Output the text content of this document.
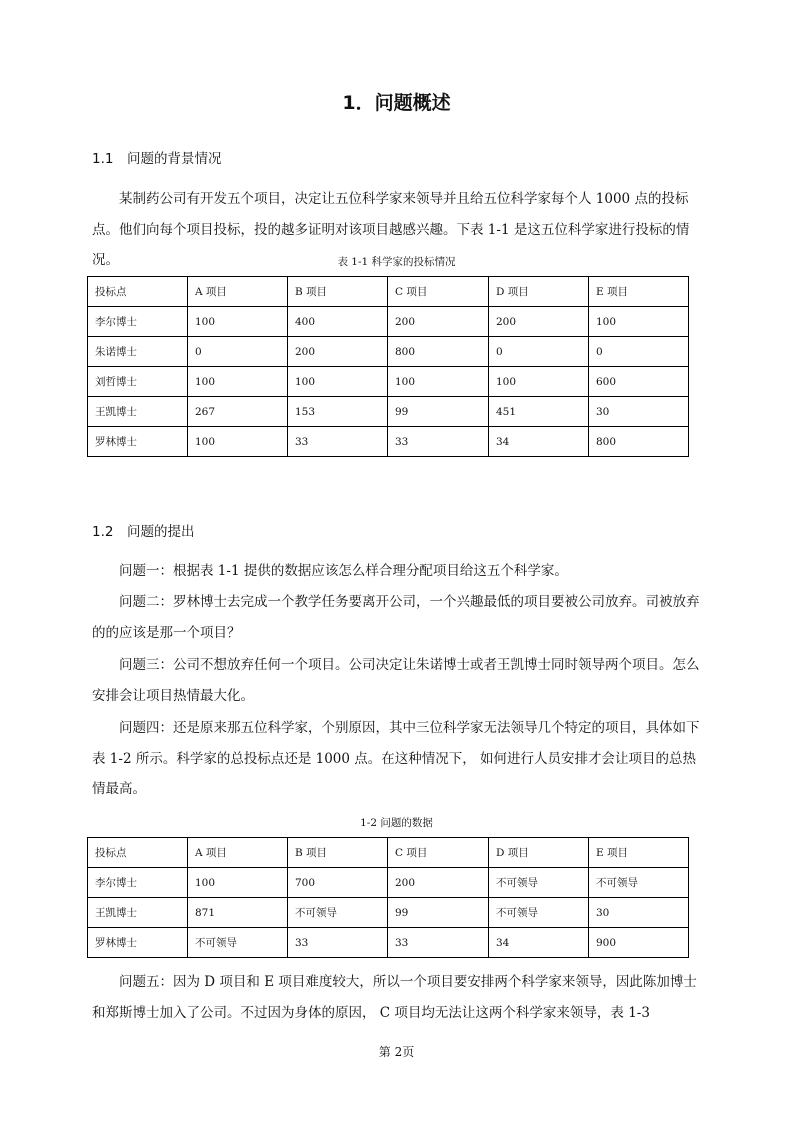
1．问题概述
1.1　问题的背景情况
某制药公司有开发五个项目，决定让五位科学家来领导并且给五位科学家每个人 1000 点的投标点。他们向每个项目投标，投的越多证明对该项目越感兴趣。下表 1-1 是这五位科学家进行投标的情况。	表 1-1 科学家的投标情况
投标点	A 项目	B 项目	C 项目	D 项目	E 项目
李尔博士	100	400	200	200	100
朱诺博士	0	200	800	0	0
刘哲博士	100	100	100	100	600
王凯博士	267	153	99	451	30
罗林博士	100	33	33	34	800
1.2　问题的提出
问题一：根据表 1-1 提供的数据应该怎么样合理分配项目给这五个科学家。
问题二：罗林博士去完成一个教学任务要离开公司，一个兴趣最低的项目要被公司放弃。司被放弃的的应该是那一个项目？
问题三：公司不想放弃任何一个项目。公司决定让朱诺博士或者王凯博士同时领导两个项目。怎么安排会让项目热情最大化。
问题四：还是原来那五位科学家，个别原因，其中三位科学家无法领导几个特定的项目，具体如下表 1-2 所示。科学家的总投标点还是 1000 点。在这种情况下， 如何进行人员安排才会让项目的总热情最高。
1-2 问题的数据
投标点	A 项目	B 项目	C 项目	D 项目	E 项目
李尔博士	100	700	200	不可领导	不可领导
王凯博士	871	不可领导	99	不可领导	30
罗林博士	不可领导	33	33	34	900
问题五：因为 D 项目和 E 项目难度较大，所以一个项目要安排两个科学家来领导，因此陈加博士和郑斯博士加入了公司。不过因为身体的原因， C 项目均无法让这两个科学家来领导，表 1-3
第 2页
